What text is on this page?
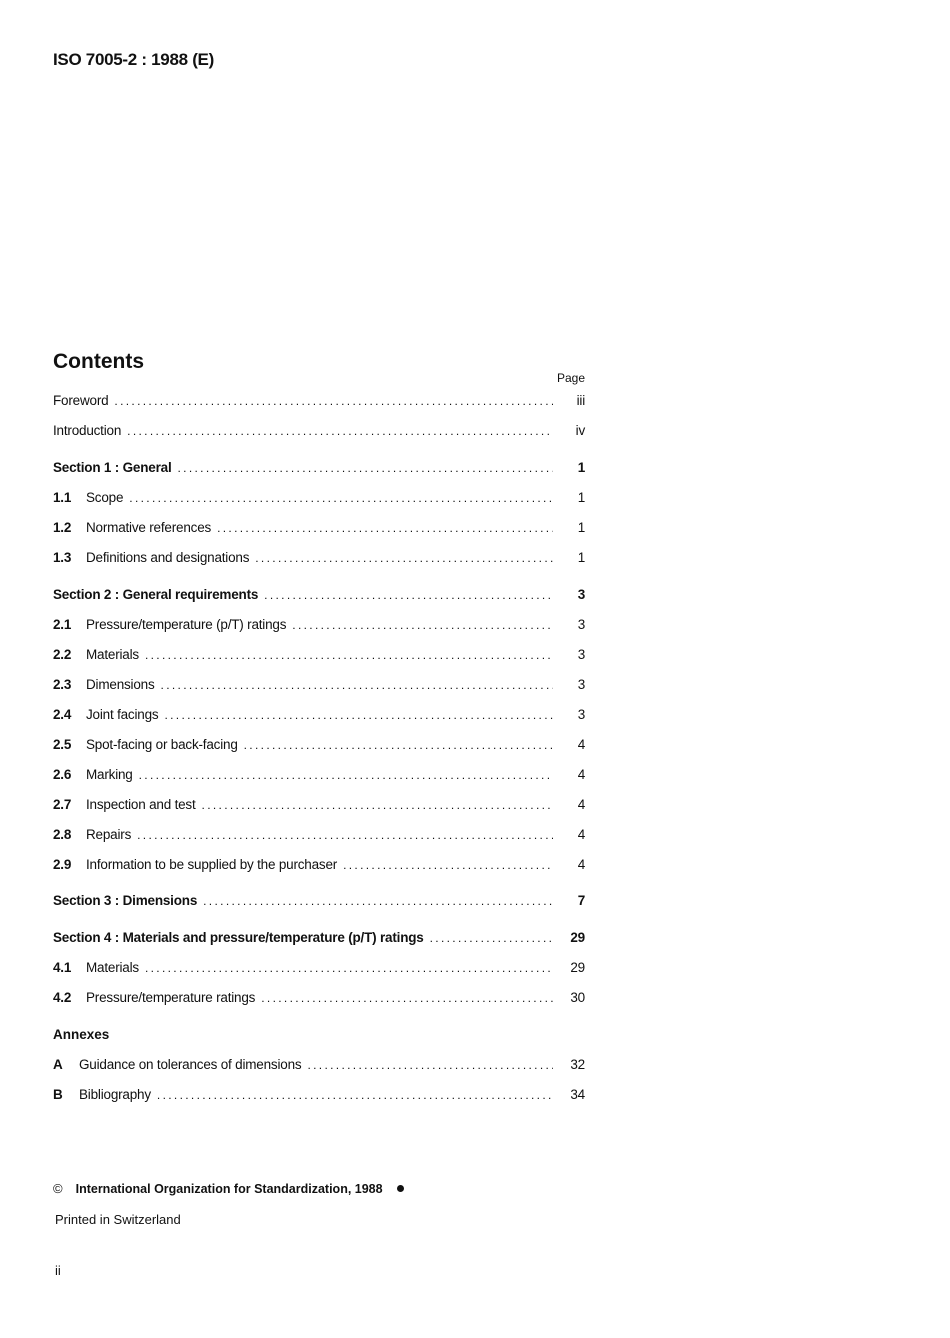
ISO 7005-2 : 1988 (E)
Contents
Page
Foreword . . .	iii
Introduction . . .	iv
Section 1 : General . . .	1
1.1	Scope . . .	1
1.2	Normative references . . .	1
1.3	Definitions and designations . . .	1
Section 2 : General requirements . . .	3
2.1	Pressure/temperature (p/T) ratings . . .	3
2.2	Materials . . .	3
2.3	Dimensions . . .	3
2.4	Joint facings . . .	3
2.5	Spot-facing or back-facing . . .	4
2.6	Marking . . .	4
2.7	Inspection and test . . .	4
2.8	Repairs . . .	4
2.9	Information to be supplied by the purchaser . . .	4
Section 3 : Dimensions . . .	7
Section 4 : Materials and pressure/temperature (p/T) ratings . . .	29
4.1	Materials . . .	29
4.2	Pressure/temperature ratings . . .	30
Annexes
A	Guidance on tolerances of dimensions . . .	32
B	Bibliography . . .	34
© International Organization for Standardization, 1988
Printed in Switzerland
ii
